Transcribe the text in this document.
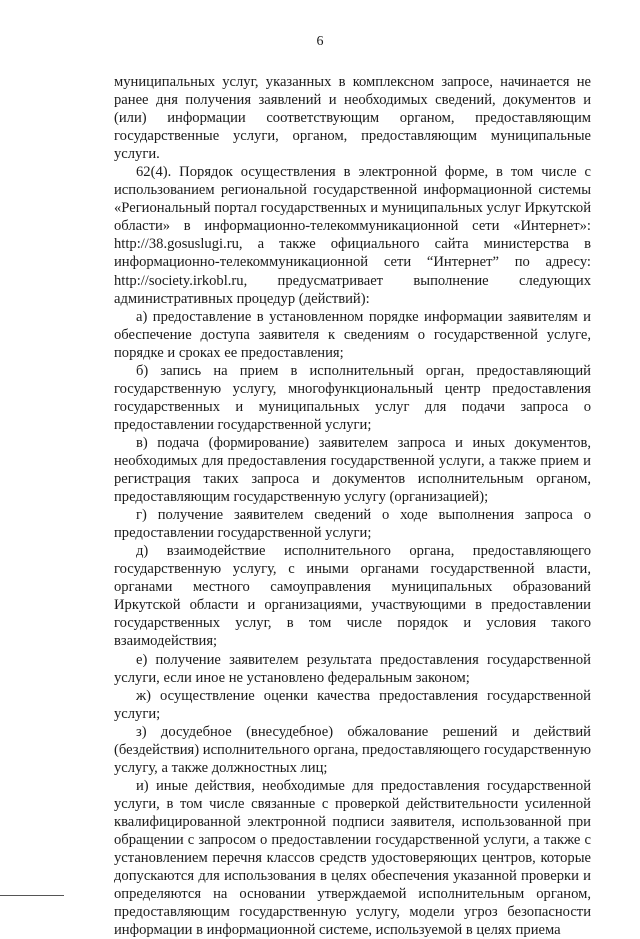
6

муниципальных услуг, указанных в комплексном запросе, начинается не ранее дня получения заявлений и необходимых сведений, документов и (или) информации соответствующим органом, предоставляющим государственные услуги, органом, предоставляющим муниципальные услуги.

62(4). Порядок осуществления в электронной форме, в том числе с использованием региональной государственной информационной системы «Региональный портал государственных и муниципальных услуг Иркутской области» в информационно-телекоммуникационной сети «Интернет»: http://38.gosuslugi.ru, а также официального сайта министерства в информационно-телекоммуникационной сети “Интернет” по адресу: http://society.irkobl.ru, предусматривает выполнение следующих административных процедур (действий):

а) предоставление в установленном порядке информации заявителям и обеспечение доступа заявителя к сведениям о государственной услуге, порядке и сроках ее предоставления;

б) запись на прием в исполнительный орган, предоставляющий государственную услугу, многофункциональный центр предоставления государственных и муниципальных услуг для подачи запроса о предоставлении государственной услуги;

в) подача (формирование) заявителем запроса и иных документов, необходимых для предоставления государственной услуги, а также прием и регистрация таких запроса и документов исполнительным органом, предоставляющим государственную услугу (организацией);

г) получение заявителем сведений о ходе выполнения запроса о предоставлении государственной услуги;

д) взаимодействие исполнительного органа, предоставляющего государственную услугу, с иными органами государственной власти, органами местного самоуправления муниципальных образований Иркутской области и организациями, участвующими в предоставлении государственных услуг, в том числе порядок и условия такого взаимодействия;

е) получение заявителем результата предоставления государственной услуги, если иное не установлено федеральным законом;

ж) осуществление оценки качества предоставления государственной услуги;

з) досудебное (внесудебное) обжалование решений и действий (бездействия) исполнительного органа, предоставляющего государственную услугу, а также должностных лиц;

и) иные действия, необходимые для предоставления государственной услуги, в том числе связанные с проверкой действительности усиленной квалифицированной электронной подписи заявителя, использованной при обращении с запросом о предоставлении государственной услуги, а также с установлением перечня классов средств удостоверяющих центров, которые допускаются для использования в целях обеспечения указанной проверки и определяются на основании утверждаемой исполнительным органом, предоставляющим государственную услугу, модели угроз безопасности информации в информационной системе, используемой в целях приема
